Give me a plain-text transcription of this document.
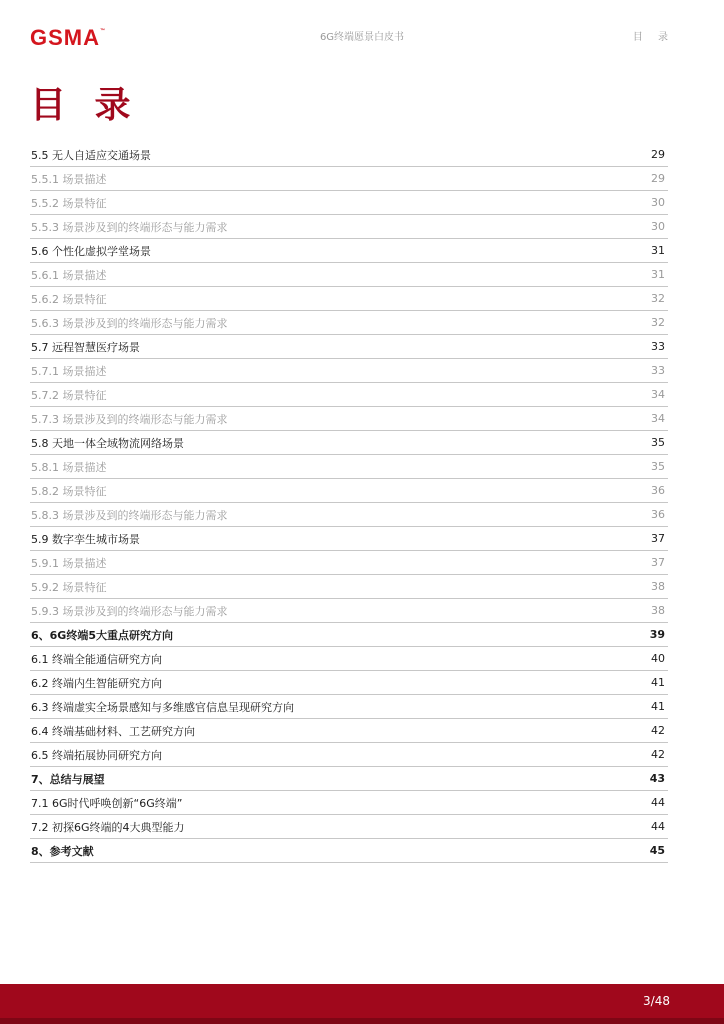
GSMA™
6G终端愿景白皮书	目 录
目 录
5.5 无人自适应交通场景	29
5.5.1 场景描述	29
5.5.2 场景特征	30
5.5.3 场景涉及到的终端形态与能力需求	30
5.6 个性化虚拟学堂场景	31
5.6.1 场景描述	31
5.6.2 场景特征	32
5.6.3 场景涉及到的终端形态与能力需求	32
5.7 远程智慧医疗场景	33
5.7.1 场景描述	33
5.7.2 场景特征	34
5.7.3 场景涉及到的终端形态与能力需求	34
5.8 天地一体全域物流网络场景	35
5.8.1 场景描述	35
5.8.2 场景特征	36
5.8.3 场景涉及到的终端形态与能力需求	36
5.9 数字孪生城市场景	37
5.9.1 场景描述	37
5.9.2 场景特征	38
5.9.3 场景涉及到的终端形态与能力需求	38
6、6G终端5大重点研究方向	39
6.1 终端全能通信研究方向	40
6.2 终端内生智能研究方向	41
6.3 终端虚实全场景感知与多维感官信息呈现研究方向	41
6.4 终端基础材料、工艺研究方向	42
6.5 终端拓展协同研究方向	42
7、总结与展望	43
7.1 6G时代呼唤创新“6G终端”	44
7.2 初探6G终端的4大典型能力	44
8、参考文献	45
3/48
